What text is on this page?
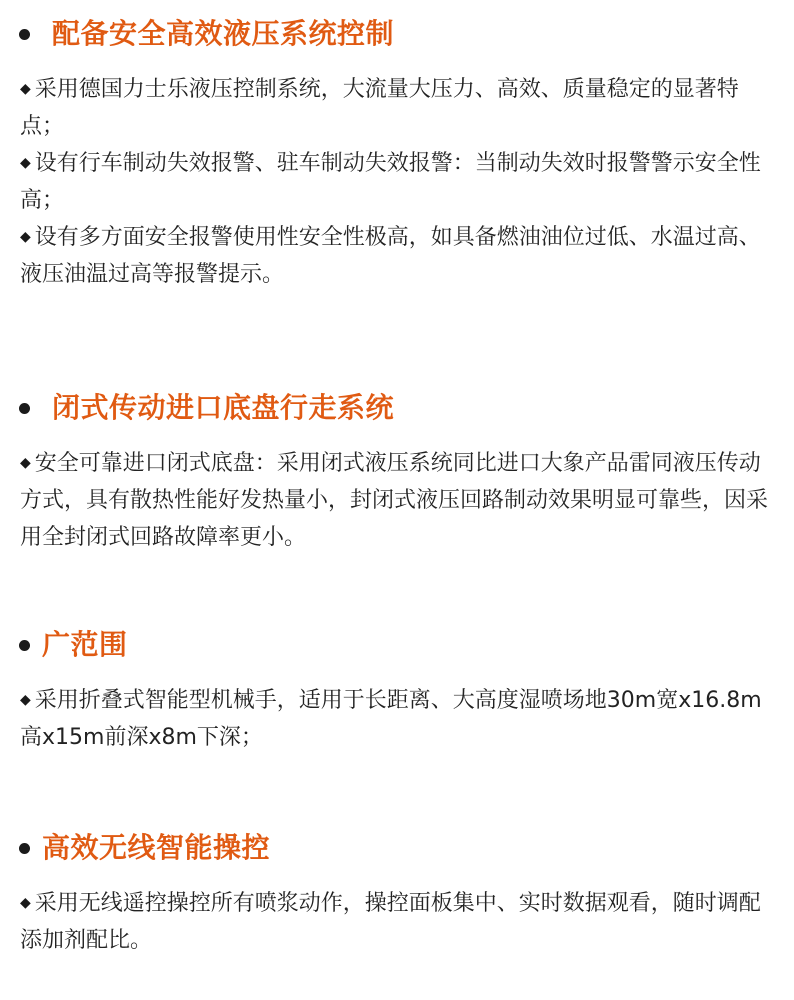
配备安全高效液压系统控制

◆ 采用德国力士乐液压控制系统，大流量大压力、高效、质量稳定的显著特点；

◆ 设有行车制动失效报警、驻车制动失效报警：当制动失效时报警警示安全性高；

◆ 设有多方面安全报警使用性安全性极高，如具备燃油油位过低、水温过高、液压油温过高等报警提示。

闭式传动进口底盘行走系统

◆ 安全可靠进口闭式底盘：采用闭式液压系统同比进口大象产品雷同液压传动方式，具有散热性能好发热量小，封闭式液压回路制动效果明显可靠些，因采用全封闭式回路故障率更小。

广范围

◆ 采用折叠式智能型机械手，适用于长距离、大高度湿喷场地30m宽x16.8m高x15m前深x8m下深；

高效无线智能操控

◆ 采用无线遥控操控所有喷浆动作，操控面板集中、实时数据观看，随时调配添加剂配比。
